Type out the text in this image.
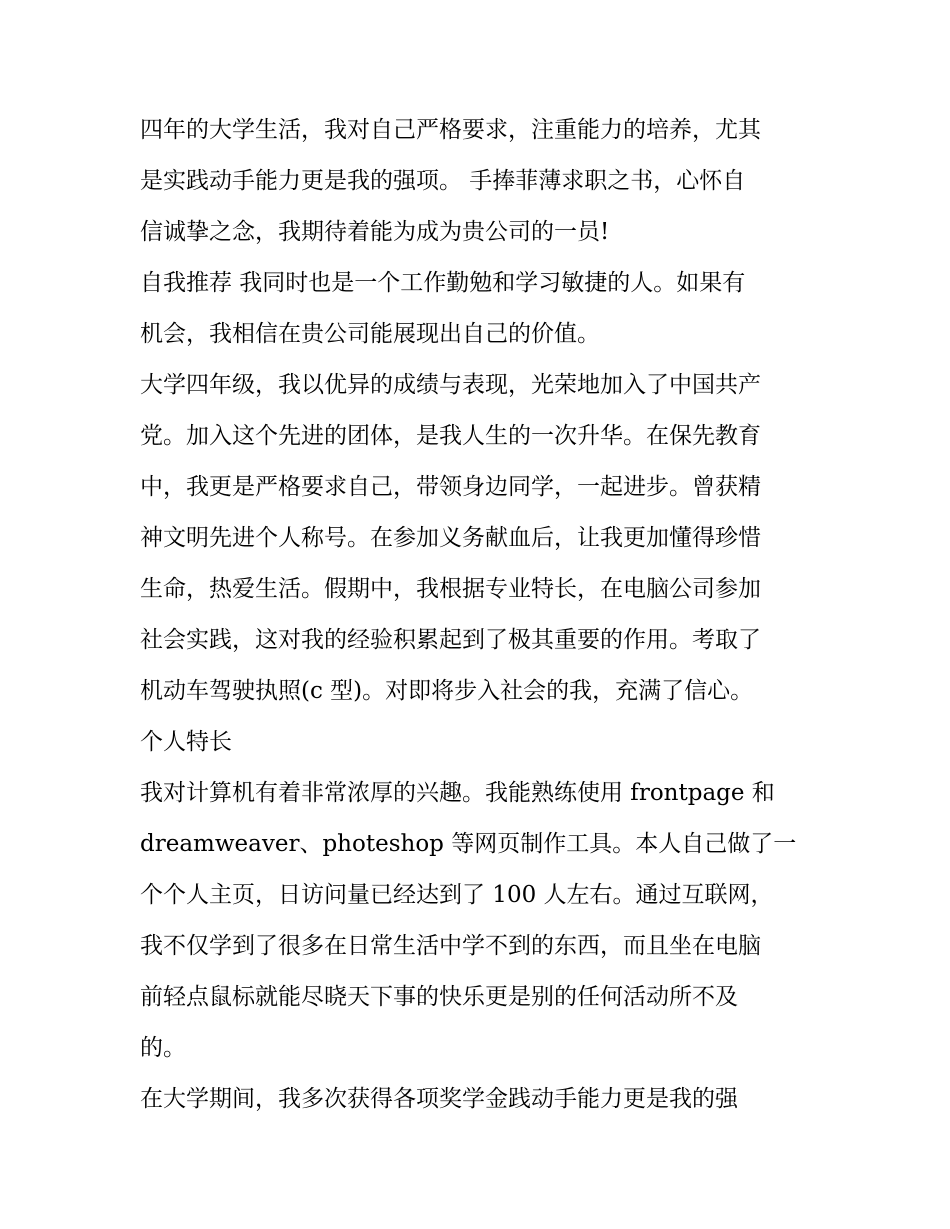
四年的大学生活，我对自己严格要求，注重能力的培养，尤其
是实践动手能力更是我的强项。 手捧菲薄求职之书，心怀自
信诚挚之念，我期待着能为成为贵公司的一员!
自我推荐 我同时也是一个工作勤勉和学习敏捷的人。如果有
机会，我相信在贵公司能展现出自己的价值。
大学四年级，我以优异的成绩与表现，光荣地加入了中国共产
党。加入这个先进的团体，是我人生的一次升华。在保先教育
中，我更是严格要求自己，带领身边同学，一起进步。曾获精
神文明先进个人称号。在参加义务献血后，让我更加懂得珍惜
生命，热爱生活。假期中，我根据专业特长，在电脑公司参加
社会实践，这对我的经验积累起到了极其重要的作用。考取了
机动车驾驶执照(c 型)。对即将步入社会的我，充满了信心。
个人特长
我对计算机有着非常浓厚的兴趣。我能熟练使用 frontpage 和
dreamweaver、photeshop 等网页制作工具。本人自己做了一
个个人主页，日访问量已经达到了 100 人左右。通过互联网，
我不仅学到了很多在日常生活中学不到的东西，而且坐在电脑
前轻点鼠标就能尽晓天下事的快乐更是别的任何活动所不及
的。
在大学期间，我多次获得各项奖学金践动手能力更是我的强
